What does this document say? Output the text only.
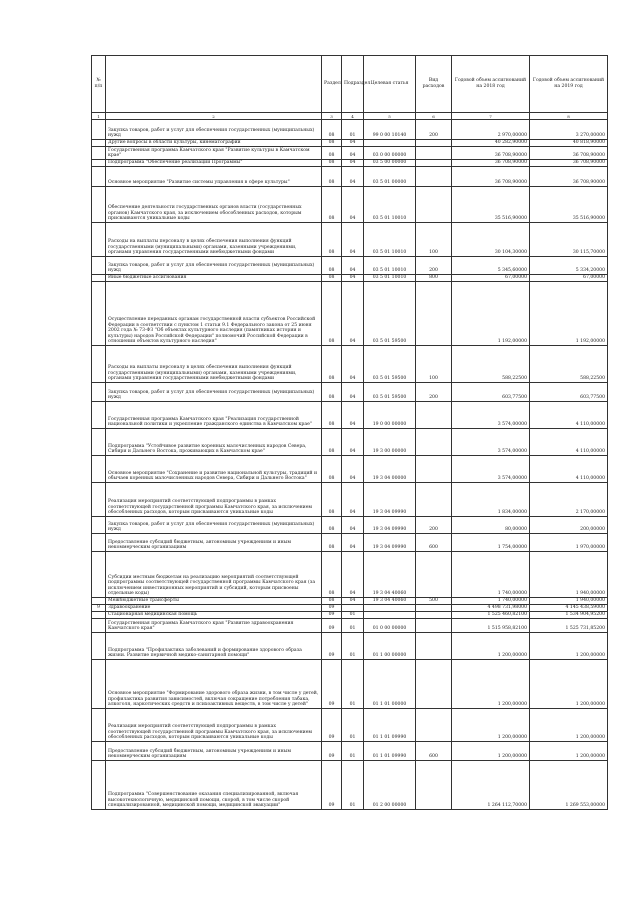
№ п/п		Раздел	Подраздел	Целевая статья	Вид расходов	Годовой объем ассигнований на 2018 год	Годовой объем ассигнований на 2019 год
1	2	3	4	5	6	7	8
	Закупка товаров, работ и услуг для обеспечения государственных (муниципальных) нужд	08	01	99 0 00 10140	200	2 970,00000	3 270,00000
	Другие вопросы в области культуры, кинематографии	08	04			40 282,90000	40 818,90000
	Государственная программа Камчатского края "Развитие культуры в Камчатском крае"	08	04	03 0 00 00000		36 708,90000	36 708,90000
	Подпрограмма "Обеспечение реализации Программы"	08	04	03 5 00 00000		36 708,90000	36 708,90000
	Основное мероприятие "Развитие системы управления в сфере культуры"	08	04	03 5 01 00000		36 708,90000	36 708,90000
	Обеспечение деятельности государственных органов власти (государственных органов) Камчатского края, за исключением обособленных расходов, которым присваиваются уникальные коды	08	04	03 5 01 10010		35 516,90000	35 516,90000
	Расходы на выплаты персоналу в целях обеспечения выполнения функций государственными (муниципальными) органами, казенными учреждениями, органами управления государственными внебюджетными фондами	08	04	03 5 01 10010	100	30 104,30000	30 115,70000
	Закупка товаров, работ и услуг для обеспечения государственных (муниципальных) нужд	08	04	03 5 01 10010	200	5 345,60000	5 334,20000
	Иные бюджетные ассигнования	08	04	03 5 01 10010	800	67,00000	67,00000
	Осуществление переданных органам государственной власти субъектов Российской Федерации в соответствии с пунктом 1 статьи 9.1 Федерального закона от 25 июня 2002 года № 73-ФЗ "Об объектах культурного наследия (памятниках истории и культуры) народов Российской Федерации" полномочий Российской Федерации в отношении объектов культурного наследия"	08	04	03 5 01 59500		1 192,00000	1 192,00000
	Расходы на выплаты персоналу в целях обеспечения выполнения функций государственными (муниципальными) органами, казенными учреждениями, органами управления государственными внебюджетными фондами	08	04	03 5 01 59500	100	588,22500	588,22500
	Закупка товаров, работ и услуг для обеспечения государственных (муниципальных) нужд	08	04	03 5 01 59500	200	603,77500	603,77500
	Государственная программа Камчатского края "Реализация государственной национальной политики и укрепление гражданского единства в Камчатском крае"	08	04	19 0 00 00000		3 574,00000	4 110,00000
	Подпрограмма "Устойчивое развитие коренных малочисленных народов Севера, Сибири и Дальнего Востока, проживающих в Камчатском крае"	08	04	19 3 00 00000		3 574,00000	4 110,00000
	Основное мероприятие "Сохранение и развитие национальной культуры, традиций и обычаев коренных малочисленных народов Севера, Сибири и Дальнего Востока"	08	04	19 3 04 00000		3 574,00000	4 110,00000
	Реализация мероприятий соответствующей подпрограммы в рамках соответствующей государственной программы Камчатского края, за исключением обособленных расходов, которым присваиваются уникальные коды	08	04	19 3 04 09990		1 834,00000	2 170,00000
	Закупка товаров, работ и услуг для обеспечения государственных (муниципальных) нужд	08	04	19 3 04 09990	200	80,00000	200,00000
	Предоставление субсидий бюджетным, автономным учреждениям и иным некоммерческим организациям	08	04	19 3 04 09990	600	1 754,00000	1 970,00000
	Субсидии местным бюджетам на реализацию мероприятий соответствующей подпрограммы соответствующей государственной программы Камчатского края (за исключением инвестиционных мероприятий и субсидий, которым присвоены отдельные коды)	08	04	19 3 04 40060		1 740,00000	1 940,00000
	Межбюджетные трансферты	08	04	19 3 04 40060	500	1 740,00000	1 940,00000
9	Здравоохранение	09				4 498 731,98000	4 145 438,59000
	Стационарная медицинская помощь	09	01			1 525 460,82100	1 534 904,95200
	Государственная программа Камчатского края "Развитие здравоохранения Камчатского края"	09	01	01 0 00 00000		1 515 958,82100	1 525 731,85200
	Подпрограмма "Профилактика заболеваний и формирование здорового образа жизни. Развитие первичной медико-санитарной помощи"	09	01	01 1 00 00000		1 200,00000	1 200,00000
	Основное мероприятие "Формирование здорового образа жизни, в том числе у детей, профилактика развития зависимостей, включая сокращение потребления табака, алкоголя, наркотических средств и психоактивных веществ, в том числе у детей"	09	01	01 1 01 00000		1 200,00000	1 200,00000
	Реализация мероприятий соответствующей подпрограммы в рамках соответствующей государственной программы Камчатского края, за исключением обособленных расходов, которым присваиваются уникальные коды	09	01	01 1 01 09990		1 200,00000	1 200,00000
	Предоставление субсидий бюджетным, автономным учреждениям и иным некоммерческим организациям	09	01	01 1 01 09990	600	1 200,00000	1 200,00000
	Подпрограмма "Совершенствование оказания специализированной, включая высокотехнологичную, медицинской помощи, скорой, в том числе скорой специализированной, медицинской помощи, медицинской эвакуации"	09	01	01 2 00 00000		1 264 112,70000	1 269 553,00000
